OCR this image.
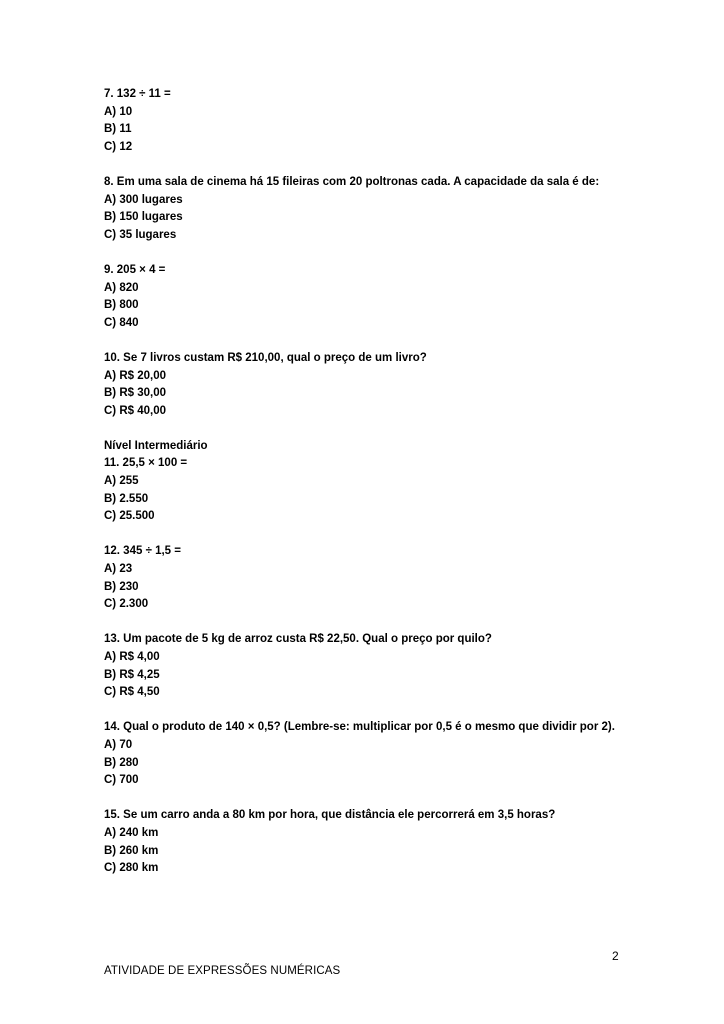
7. 132 ÷ 11 =
A) 10
B) 11
C) 12
8. Em uma sala de cinema há 15 fileiras com 20 poltronas cada. A capacidade da sala é de:
A) 300 lugares
B) 150 lugares
C) 35 lugares
9. 205 × 4 =
A) 820
B) 800
C) 840
10. Se 7 livros custam R$ 210,00, qual o preço de um livro?
A) R$ 20,00
B) R$ 30,00
C) R$ 40,00
Nível Intermediário
11. 25,5 × 100 =
A) 255
B) 2.550
C) 25.500
12. 345 ÷ 1,5 =
A) 23
B) 230
C) 2.300
13. Um pacote de 5 kg de arroz custa R$ 22,50. Qual o preço por quilo?
A) R$ 4,00
B) R$ 4,25
C) R$ 4,50
14. Qual o produto de 140 × 0,5? (Lembre-se: multiplicar por 0,5 é o mesmo que dividir por 2).
A) 70
B) 280
C) 700
15. Se um carro anda a 80 km por hora, que distância ele percorrerá em 3,5 horas?
A) 240 km
B) 260 km
C) 280 km
2
ATIVIDADE DE EXPRESSÕES NUMÉRICAS
